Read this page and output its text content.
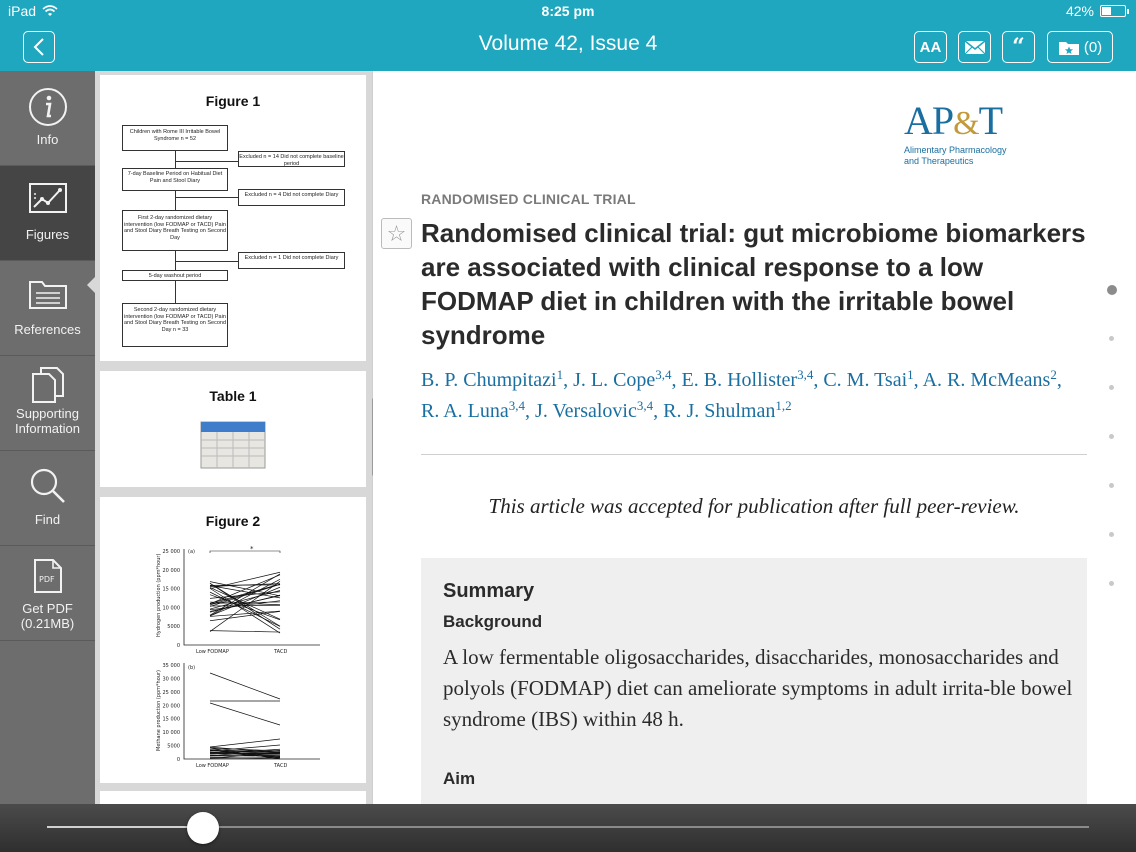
iPad	8:25 pm	42%
Volume 42, Issue 4	AA	“	(0)
Info
Figures
References
Supporting Information
Find
PDF
Get PDF (0.21MB)
Figure 1
Children with Rome III Irritable Bowel Syndrome n = 52
Excluded n = 14 Did not complete baseline period
7-day Baseline Period on Habitual Diet Pain and Stool Diary
Excluded n = 4 Did not complete Diary
First 2-day randomized dietary intervention (low FODMAP or TACD) Pain and Stool Diary Breath Testing on Second Day
Excluded n = 1 Did not complete Diary
5-day washout period
Second 2-day randomized dietary intervention (low FODMAP or TACD) Pain and Stool Diary Breath Testing on Second Day n = 33
Table 1
Figure 2
(a)
Hydrogen production (ppm*hour)
*
25 000
20 000
15 000
10 000
5000
0
Low FODMAP	TACD
(b)
Methane production (ppm*hour)
35 000
30 000
25 000
20 000
15 000
10 000
5000
0
Low FODMAP	TACD
AP&T
Alimentary Pharmacology
and Therapeutics
RANDOMISED CLINICAL TRIAL
☆ Randomised clinical trial: gut microbiome biomarkers are associated with clinical response to a low FODMAP diet in children with the irritable bowel syndrome
B. P. Chumpitazi$^1$, J. L. Cope$^{3,4}$, E. B. Hollister$^{3,4}$, C. M. Tsai$^1$, A. R. McMeans$^2$, R. A. Luna$^{3,4}$, J. Versalovic$^{3,4}$, R. J. Shulman$^{1,2}$
This article was accepted for publication after full peer-review.
Summary
Background
A low fermentable oligosaccharides, disaccharides, monosaccharides and polyols (FODMAP) diet can ameliorate symptoms in adult irrita-ble bowel syndrome (IBS) within 48 h.
Aim
